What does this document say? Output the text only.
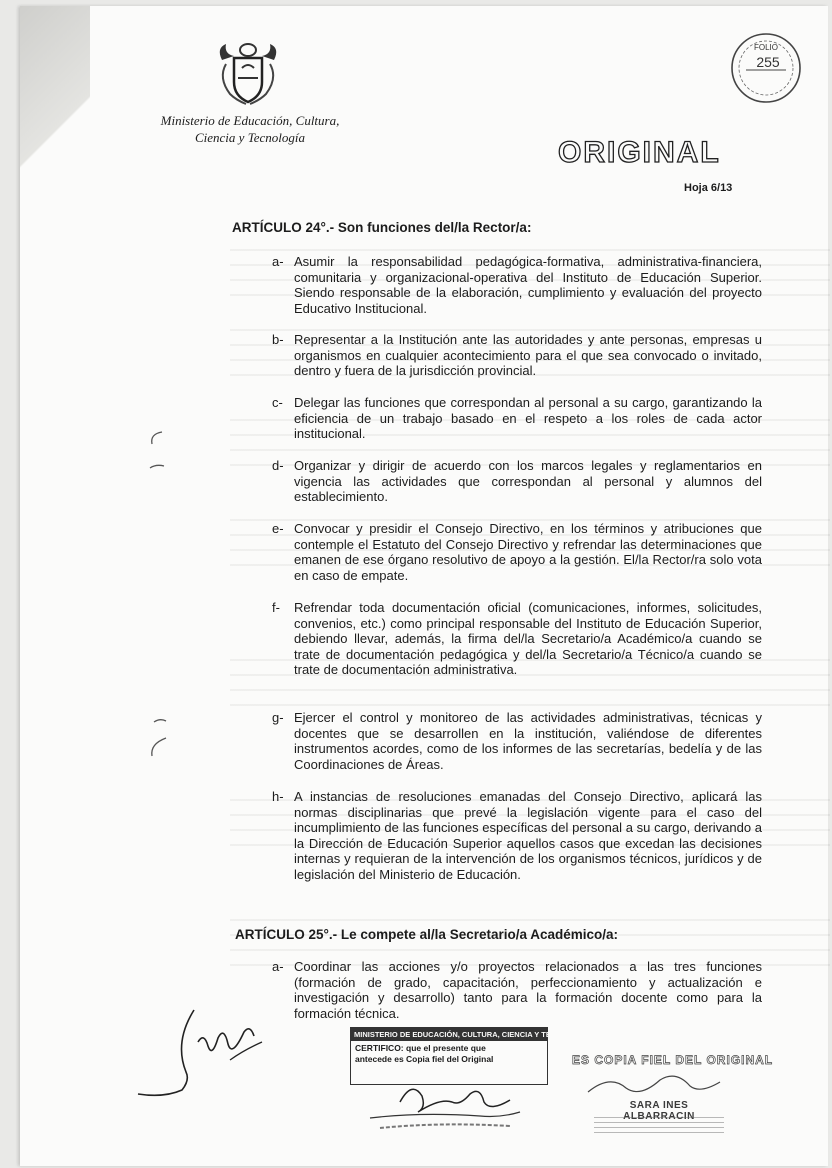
Ministerio de Educación, Cultura,
Ciencia y Tecnología
FOLIO
255
ORIGINAL
Hoja 6/13
ARTÍCULO 24°.- Son funciones del/la Rector/a:
a- Asumir la responsabilidad pedagógica-formativa, administrativa-financiera, comunitaria y organizacional-operativa del Instituto de Educación Superior. Siendo responsable de la elaboración, cumplimiento y evaluación del proyecto Educativo Institucional.
b- Representar a la Institución ante las autoridades y ante personas, empresas u organismos en cualquier acontecimiento para el que sea convocado o invitado, dentro y fuera de la jurisdicción provincial.
c- Delegar las funciones que correspondan al personal a su cargo, garantizando la eficiencia de un trabajo basado en el respeto a los roles de cada actor institucional.
d- Organizar y dirigir de acuerdo con los marcos legales y reglamentarios en vigencia las actividades que correspondan al personal y alumnos del establecimiento.
e- Convocar y presidir el Consejo Directivo, en los términos y atribuciones que contemple el Estatuto del Consejo Directivo y refrendar las determinaciones que emanen de ese órgano resolutivo de apoyo a la gestión. El/la Rector/ra solo vota en caso de empate.
f-	Refrendar toda documentación oficial (comunicaciones, informes, solicitudes, convenios, etc.) como principal responsable del Instituto de Educación Superior, debiendo llevar, además, la firma del/la Secretario/a Académico/a cuando se trate de documentación pedagógica y del/la Secretario/a Técnico/a cuando se trate de documentación administrativa.
g- Ejercer el control y monitoreo de las actividades administrativas, técnicas y docentes que se desarrollen en la institución, valiéndose de diferentes instrumentos acordes, como de los informes de las secretarías, bedelía y de las Coordinaciones de Áreas.
h- A instancias de resoluciones emanadas del Consejo Directivo, aplicará las normas disciplinarias que prevé la legislación vigente para el caso del incumplimiento de las funciones específicas del personal a su cargo, derivando a la Dirección de Educación Superior aquellos casos que excedan las decisiones internas y requieran de la intervención de los organismos técnicos, jurídicos y de legislación del Ministerio de Educación.
ARTÍCULO 25°.- Le compete al/la Secretario/a Académico/a:
a- Coordinar las acciones y/o proyectos relacionados a las tres funciones (formación de grado, capacitación, perfeccionamiento y actualización e investigación y desarrollo) tanto para la formación docente como para la formación técnica.
MINISTERIO DE EDUCACIÓN, CULTURA, CIENCIA Y TECNOLOGÍA
CERTIFICO: que el presente que
antecede es Copia fiel del Original	ES COPIA FIEL DEL ORIGINAL
SARA INES ALBARRACIN
